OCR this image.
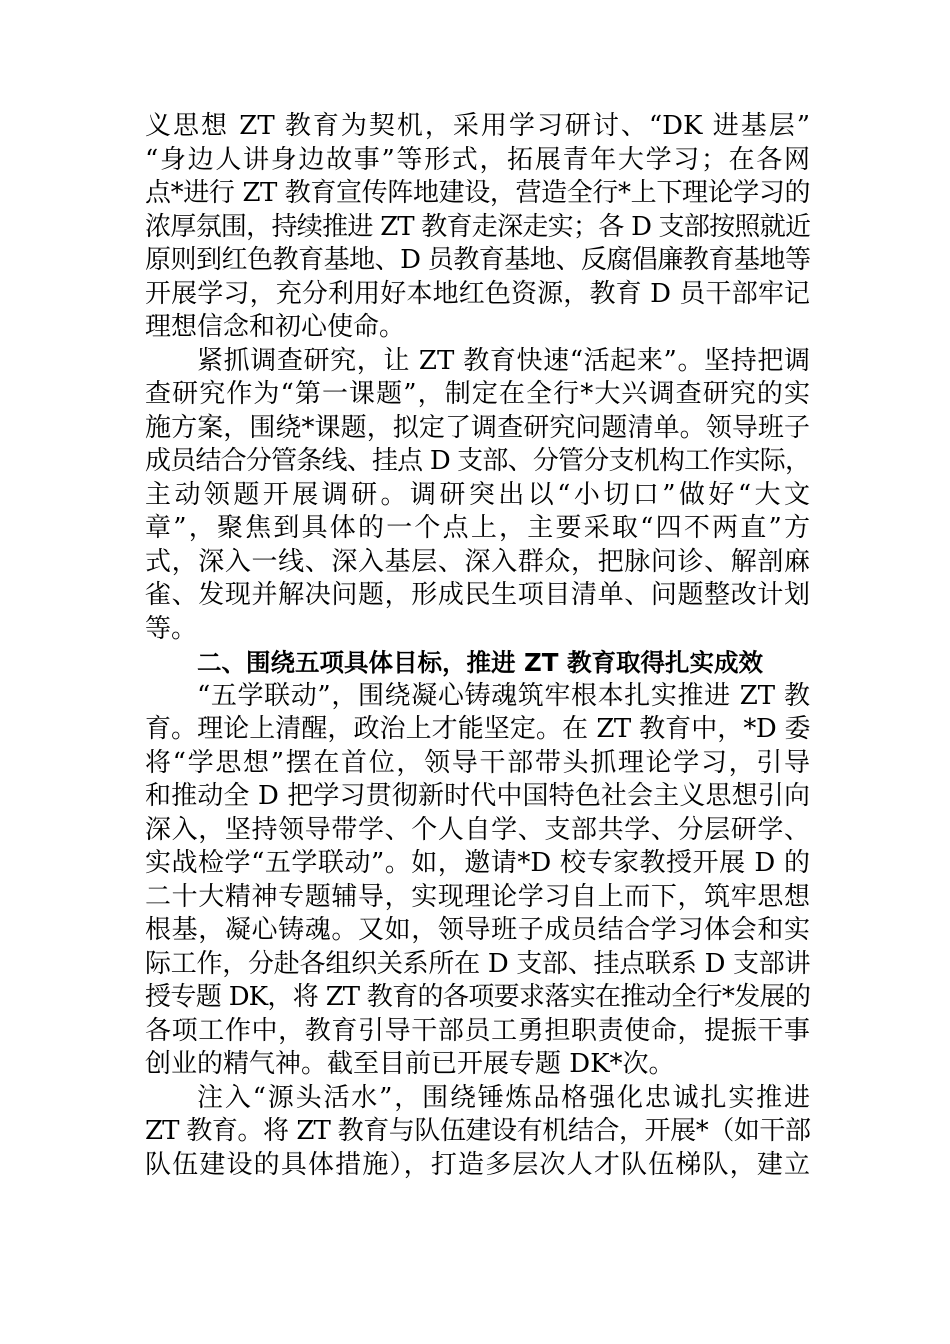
义思想 ZT 教育为契机，采用学习研讨、“DK 进基层”
“身边人讲身边故事”等形式，拓展青年大学习；在各网
点*进行 ZT 教育宣传阵地建设，营造全行*上下理论学习的
浓厚氛围，持续推进 ZT 教育走深走实；各 D 支部按照就近
原则到红色教育基地、D 员教育基地、反腐倡廉教育基地等
开展学习，充分利用好本地红色资源，教育 D 员干部牢记
理想信念和初心使命。
紧抓调查研究，让 ZT 教育快速“活起来”。坚持把调
查研究作为“第一课题”，制定在全行*大兴调查研究的实
施方案，围绕*课题，拟定了调查研究问题清单。领导班子
成员结合分管条线、挂点 D 支部、分管分支机构工作实际，
主动领题开展调研。调研突出以“小切口”做好“大文
章”，聚焦到具体的一个点上，主要采取“四不两直”方
式，深入一线、深入基层、深入群众，把脉问诊、解剖麻
雀、发现并解决问题，形成民生项目清单、问题整改计划
等。
二、围绕五项具体目标，推进 ZT 教育取得扎实成效
“五学联动”，围绕凝心铸魂筑牢根本扎实推进 ZT 教
育。理论上清醒，政治上才能坚定。在 ZT 教育中，*D 委
将“学思想”摆在首位，领导干部带头抓理论学习，引导
和推动全 D 把学习贯彻新时代中国特色社会主义思想引向
深入，坚持领导带学、个人自学、支部共学、分层研学、
实战检学“五学联动”。如，邀请*D 校专家教授开展 D 的
二十大精神专题辅导，实现理论学习自上而下，筑牢思想
根基，凝心铸魂。又如，领导班子成员结合学习体会和实
际工作，分赴各组织关系所在 D 支部、挂点联系 D 支部讲
授专题 DK，将 ZT 教育的各项要求落实在推动全行*发展的
各项工作中，教育引导干部员工勇担职责使命，提振干事
创业的精气神。截至目前已开展专题 DK*次。
注入“源头活水”，围绕锤炼品格强化忠诚扎实推进
ZT 教育。将 ZT 教育与队伍建设有机结合，开展*（如干部
队伍建设的具体措施），打造多层次人才队伍梯队，建立
